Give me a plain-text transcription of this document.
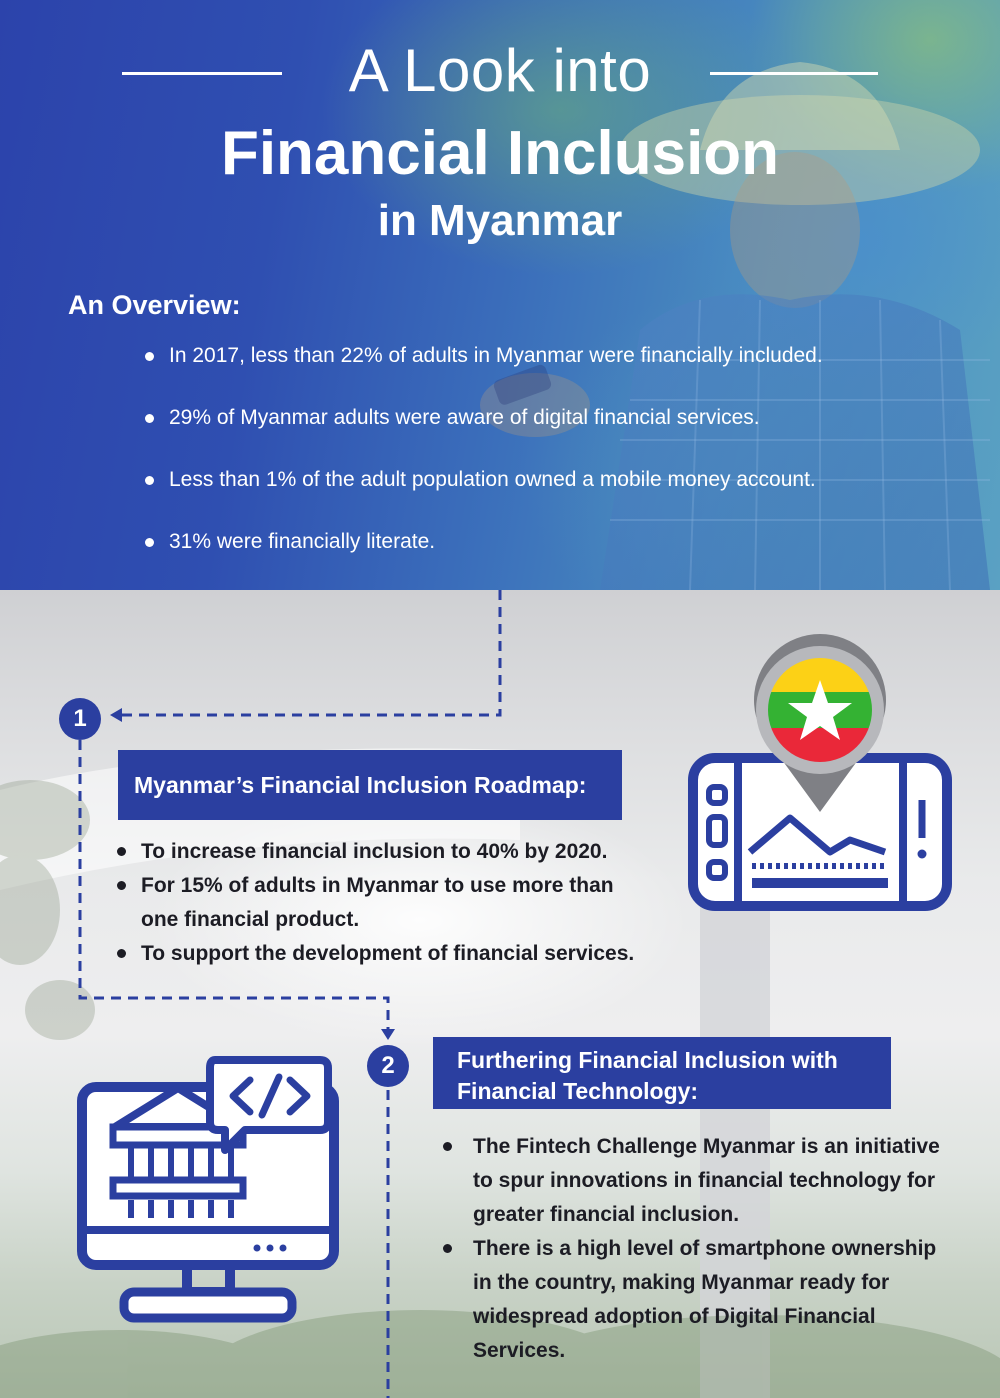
A Look into
Financial Inclusion
in Myanmar
An Overview:
In 2017, less than 22% of adults in Myanmar were financially included.
29% of Myanmar adults were aware of digital financial services.
Less than 1% of the adult population owned a mobile money account.
31% were financially literate.
1
Myanmar’s Financial Inclusion Roadmap:
To increase financial inclusion to 40% by 2020.
For 15% of adults in Myanmar to use more than one financial product.
To support the development of financial services.
2	Furthering Financial Inclusion with Financial Technology:
The Fintech Challenge Myanmar is an initiative to spur innovations in financial technology for greater financial inclusion.
There is a high level of smartphone ownership in the country, making Myanmar ready for widespread adoption of Digital Financial Services.
